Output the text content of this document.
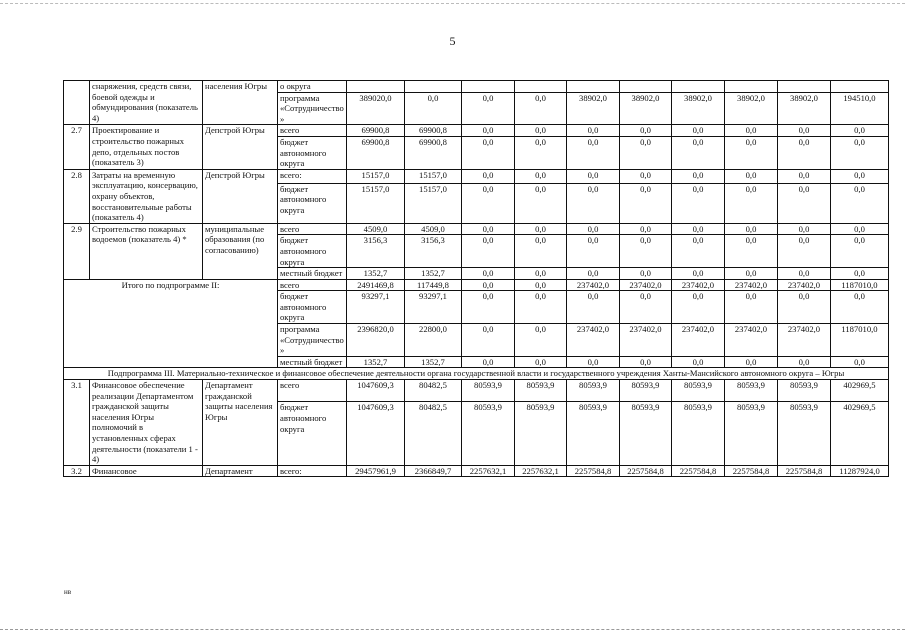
5
	снаряжения, средств связи, боевой одежды и обмундирования (показатель 4)	населения Югры	о округа										
			программа «Сотрудничество»	389020,0	0,0	0,0	0,0	38902,0	38902,0	38902,0	38902,0	38902,0	194510,0
2.7	Проектирование и строительство пожарных депо, отдельных постов (показатель 3)	Депстрой Югры	всего	69900,8	69900,8	0,0	0,0	0,0	0,0	0,0	0,0	0,0	0,0
			бюджет автономного округа	69900,8	69900,8	0,0	0,0	0,0	0,0	0,0	0,0	0,0	0,0
2.8	Затраты на временную эксплуатацию, консервацию, охрану объектов, восстановительные работы (показатель 4)	Депстрой Югры	всего:	15157,0	15157,0	0,0	0,0	0,0	0,0	0,0	0,0	0,0	0,0
			бюджет автономного округа	15157,0	15157,0	0,0	0,0	0,0	0,0	0,0	0,0	0,0	0,0
2.9	Строительство пожарных водоемов (показатель 4) *	муниципальные образования (по согласованию)	всего	4509,0	4509,0	0,0	0,0	0,0	0,0	0,0	0,0	0,0	0,0
			бюджет автономного округа	3156,3	3156,3	0,0	0,0	0,0	0,0	0,0	0,0	0,0	0,0
			местный бюджет	1352,7	1352,7	0,0	0,0	0,0	0,0	0,0	0,0	0,0	0,0
Итого по подпрограмме II:			всего	2491469,8	117449,8	0,0	0,0	237402,0	237402,0	237402,0	237402,0	237402,0	1187010,0
			бюджет автономного округа	93297,1	93297,1	0,0	0,0	0,0	0,0	0,0	0,0	0,0	0,0
			программа «Сотрудничество»	2396820,0	22800,0	0,0	0,0	237402,0	237402,0	237402,0	237402,0	237402,0	1187010,0
			местный бюджет	1352,7	1352,7	0,0	0,0	0,0	0,0	0,0	0,0	0,0	0,0
Подпрограмма III. Материально-техническое и финансовое обеспечение деятельности органа государственной власти и государственного учреждения Ханты-Мансийского автономного округа – Югры													
3.1	Финансовое обеспечение реализации Департаментом гражданской защиты населения Югры полномочий в установленных сферах деятельности (показатели 1 - 4)	Департамент гражданской защиты населения Югры	всего	1047609,3	80482,5	80593,9	80593,9	80593,9	80593,9	80593,9	80593,9	80593,9	402969,5
			бюджет автономного округа	1047609,3	80482,5	80593,9	80593,9	80593,9	80593,9	80593,9	80593,9	80593,9	402969,5
3.2	Финансовое	Департамент	всего:	29457961,9	2366849,7	2257632,1	2257632,1	2257584,8	2257584,8	2257584,8	2257584,8	2257584,8	11287924,0
нв
